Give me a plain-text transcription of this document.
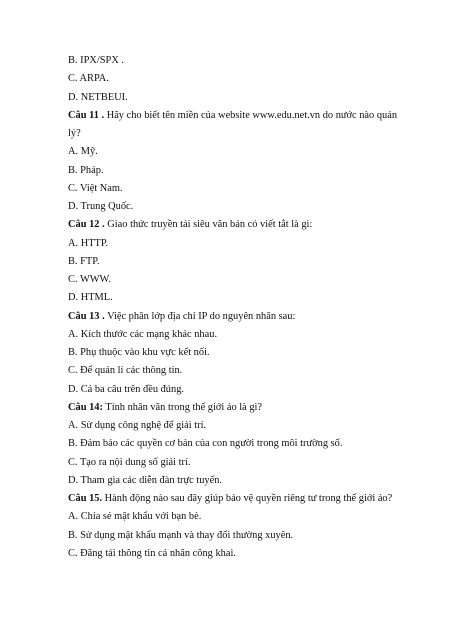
B. IPX/SPX .
C. ARPA.
D. NETBEUI.
Câu 11 . Hãy cho biết tên miền của website www.edu.net.vn do nước nào quản lý?
A. Mỹ.
B. Pháp.
C. Việt Nam.
D. Trung Quốc.
Câu 12 . Giao thức truyền tải siêu văn bản có viết tắt là gì:
A. HTTP.
B. FTP.
C. WWW.
D. HTML.
Câu 13 . Việc phân lớp địa chỉ IP do nguyên nhân sau:
A. Kích thước các mạng khác nhau.
B. Phụ thuộc vào khu vực kết nối.
C. Để quản lí các thông tin.
D. Cả ba câu trên đều đúng.
Câu 14: Tính nhân văn trong thế giới ảo là gì?
A. Sử dụng công nghệ để giải trí.
B. Đảm bảo các quyền cơ bản của con người trong môi trường số.
C. Tạo ra nội dung số giải trí.
D. Tham gia các diễn đàn trực tuyến.
Câu 15. Hành động nào sau đây giúp bảo vệ quyền riêng tư trong thế giới ảo?
A. Chia sẻ mật khẩu với bạn bè.
B. Sử dụng mật khẩu mạnh và thay đổi thường xuyên.
C. Đăng tải thông tin cá nhân công khai.
